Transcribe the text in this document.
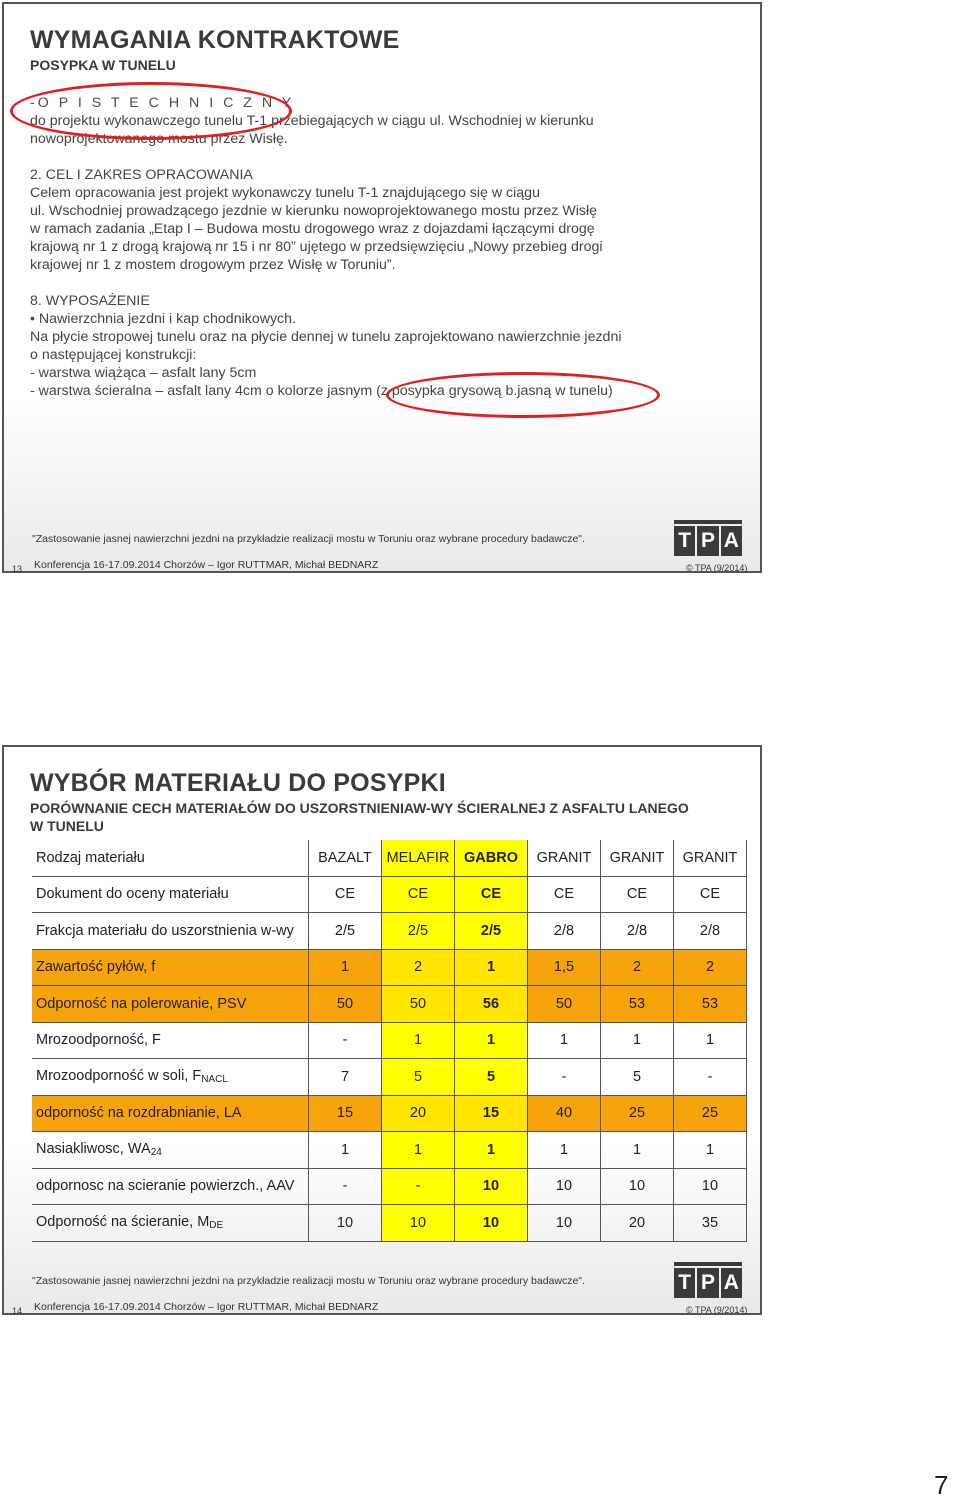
WYMAGANIA KONTRAKTOWE
POSYPKA W TUNELU
-O P I S T E C H N I C Z N Y
do projektu wykonawczego tunelu T-1 przebiegających w ciągu ul. Wschodniej w kierunku
nowoprojektowanego mostu przez Wisłę.
2. CEL I ZAKRES OPRACOWANIA
Celem opracowania jest projekt wykonawczy tunelu T-1 znajdującego się w ciągu
ul. Wschodniej prowadzącego jezdnie w kierunku nowoprojektowanego mostu przez Wisłę
w ramach zadania „Etap I – Budowa mostu drogowego wraz z dojazdami łączącymi drogę
krajową nr 1 z drogą krajową nr 15 i nr 80” ujętego w przedsięwzięciu „Nowy przebieg drogi
krajowej nr 1 z mostem drogowym przez Wisłę w Toruniu”.
8. WYPOSAŻENIE
• Nawierzchnia jezdni i kap chodnikowych.
Na płycie stropowej tunelu oraz na płycie dennej w tunelu zaprojektowano nawierzchnie jezdni
o następującej konstrukcji:
- warstwa wiążąca – asfalt lany 5cm
- warstwa ścieralna – asfalt lany 4cm o kolorze jasnym (z posypka grysową b.jasną w tunelu)
"Zastosowanie jasnej nawierzchni jezdni na przykładzie realizacji mostu w Toruniu oraz wybrane procedury badawcze".
Konferencja 16-17.09.2014 Chorzów – Igor RUTTMAR, Michał BEDNARZ
13	© TPA (9/2014)
T P A
WYBÓR MATERIAŁU DO POSYPKI
PORÓWNANIE CECH MATERIAŁÓW DO USZORSTNIENIAW-WY ŚCIERALNEJ Z ASFALTU LANEGO
W TUNELU
Rodzaj materiału	BAZALT	MELAFIR	GABRO	GRANIT	GRANIT	GRANIT
Dokument do oceny materiału	CE	CE	CE	CE	CE	CE
Frakcja materiału do uszorstnienia w-wy	2/5	2/5	2/5	2/8	2/8	2/8
Zawartość pyłów, f	1	2	1	1,5	2	2
Odporność na polerowanie, PSV	50	50	56	50	53	53
Mrozoodporność, F	-	1	1	1	1	1
Mrozoodporność w soli, $F_{NACL}$	7	5	5	-	5	-
odporność na rozdrabnianie, LA	15	20	15	40	25	25
Nasiakliwosc, $WA_{24}$	1	1	1	1	1	1
odpornosc na scieranie powierzch., AAV	-	-	10	10	10	10
Odporność na ścieranie, $M_{DE}$	10	10	10	10	20	35
"Zastosowanie jasnej nawierzchni jezdni na przykładzie realizacji mostu w Toruniu oraz wybrane procedury badawcze".
Konferencja 16-17.09.2014 Chorzów – Igor RUTTMAR, Michał BEDNARZ
14	© TPA (9/2014)
T P A
7
